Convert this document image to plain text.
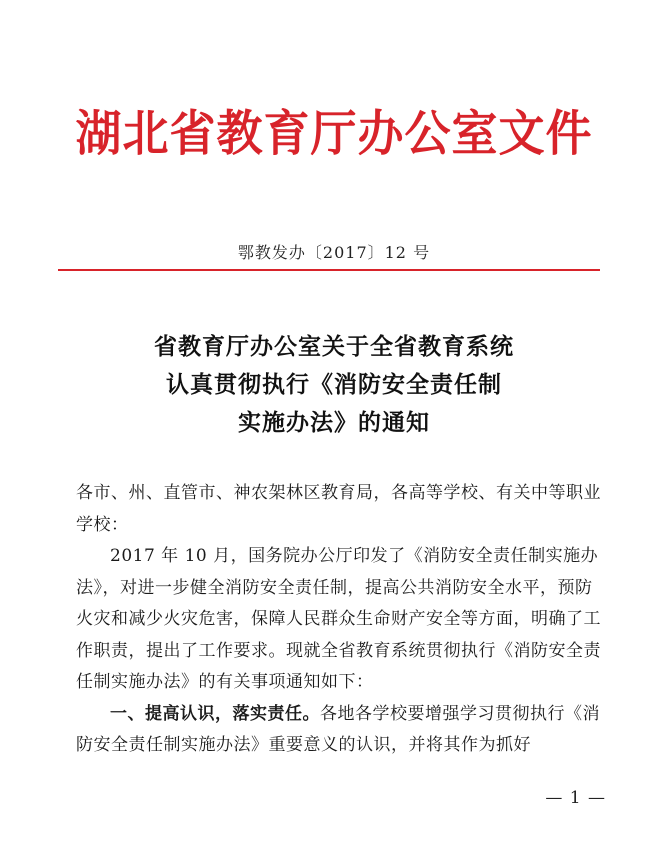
湖北省教育厅办公室文件
鄂教发办〔2017〕12 号
省教育厅办公室关于全省教育系统
认真贯彻执行《消防安全责任制
实施办法》的通知

各市、州、直管市、神农架林区教育局，各高等学校、有关中等职业学校：

2017 年 10 月，国务院办公厅印发了《消防安全责任制实施办法》，对进一步健全消防安全责任制，提高公共消防安全水平，预防火灾和减少火灾危害，保障人民群众生命财产安全等方面，明确了工作职责，提出了工作要求。现就全省教育系统贯彻执行《消防安全责任制实施办法》的有关事项通知如下：

一、提高认识，落实责任。各地各学校要增强学习贯彻执行《消防安全责任制实施办法》重要意义的认识，并将其作为抓好

— 1 —
